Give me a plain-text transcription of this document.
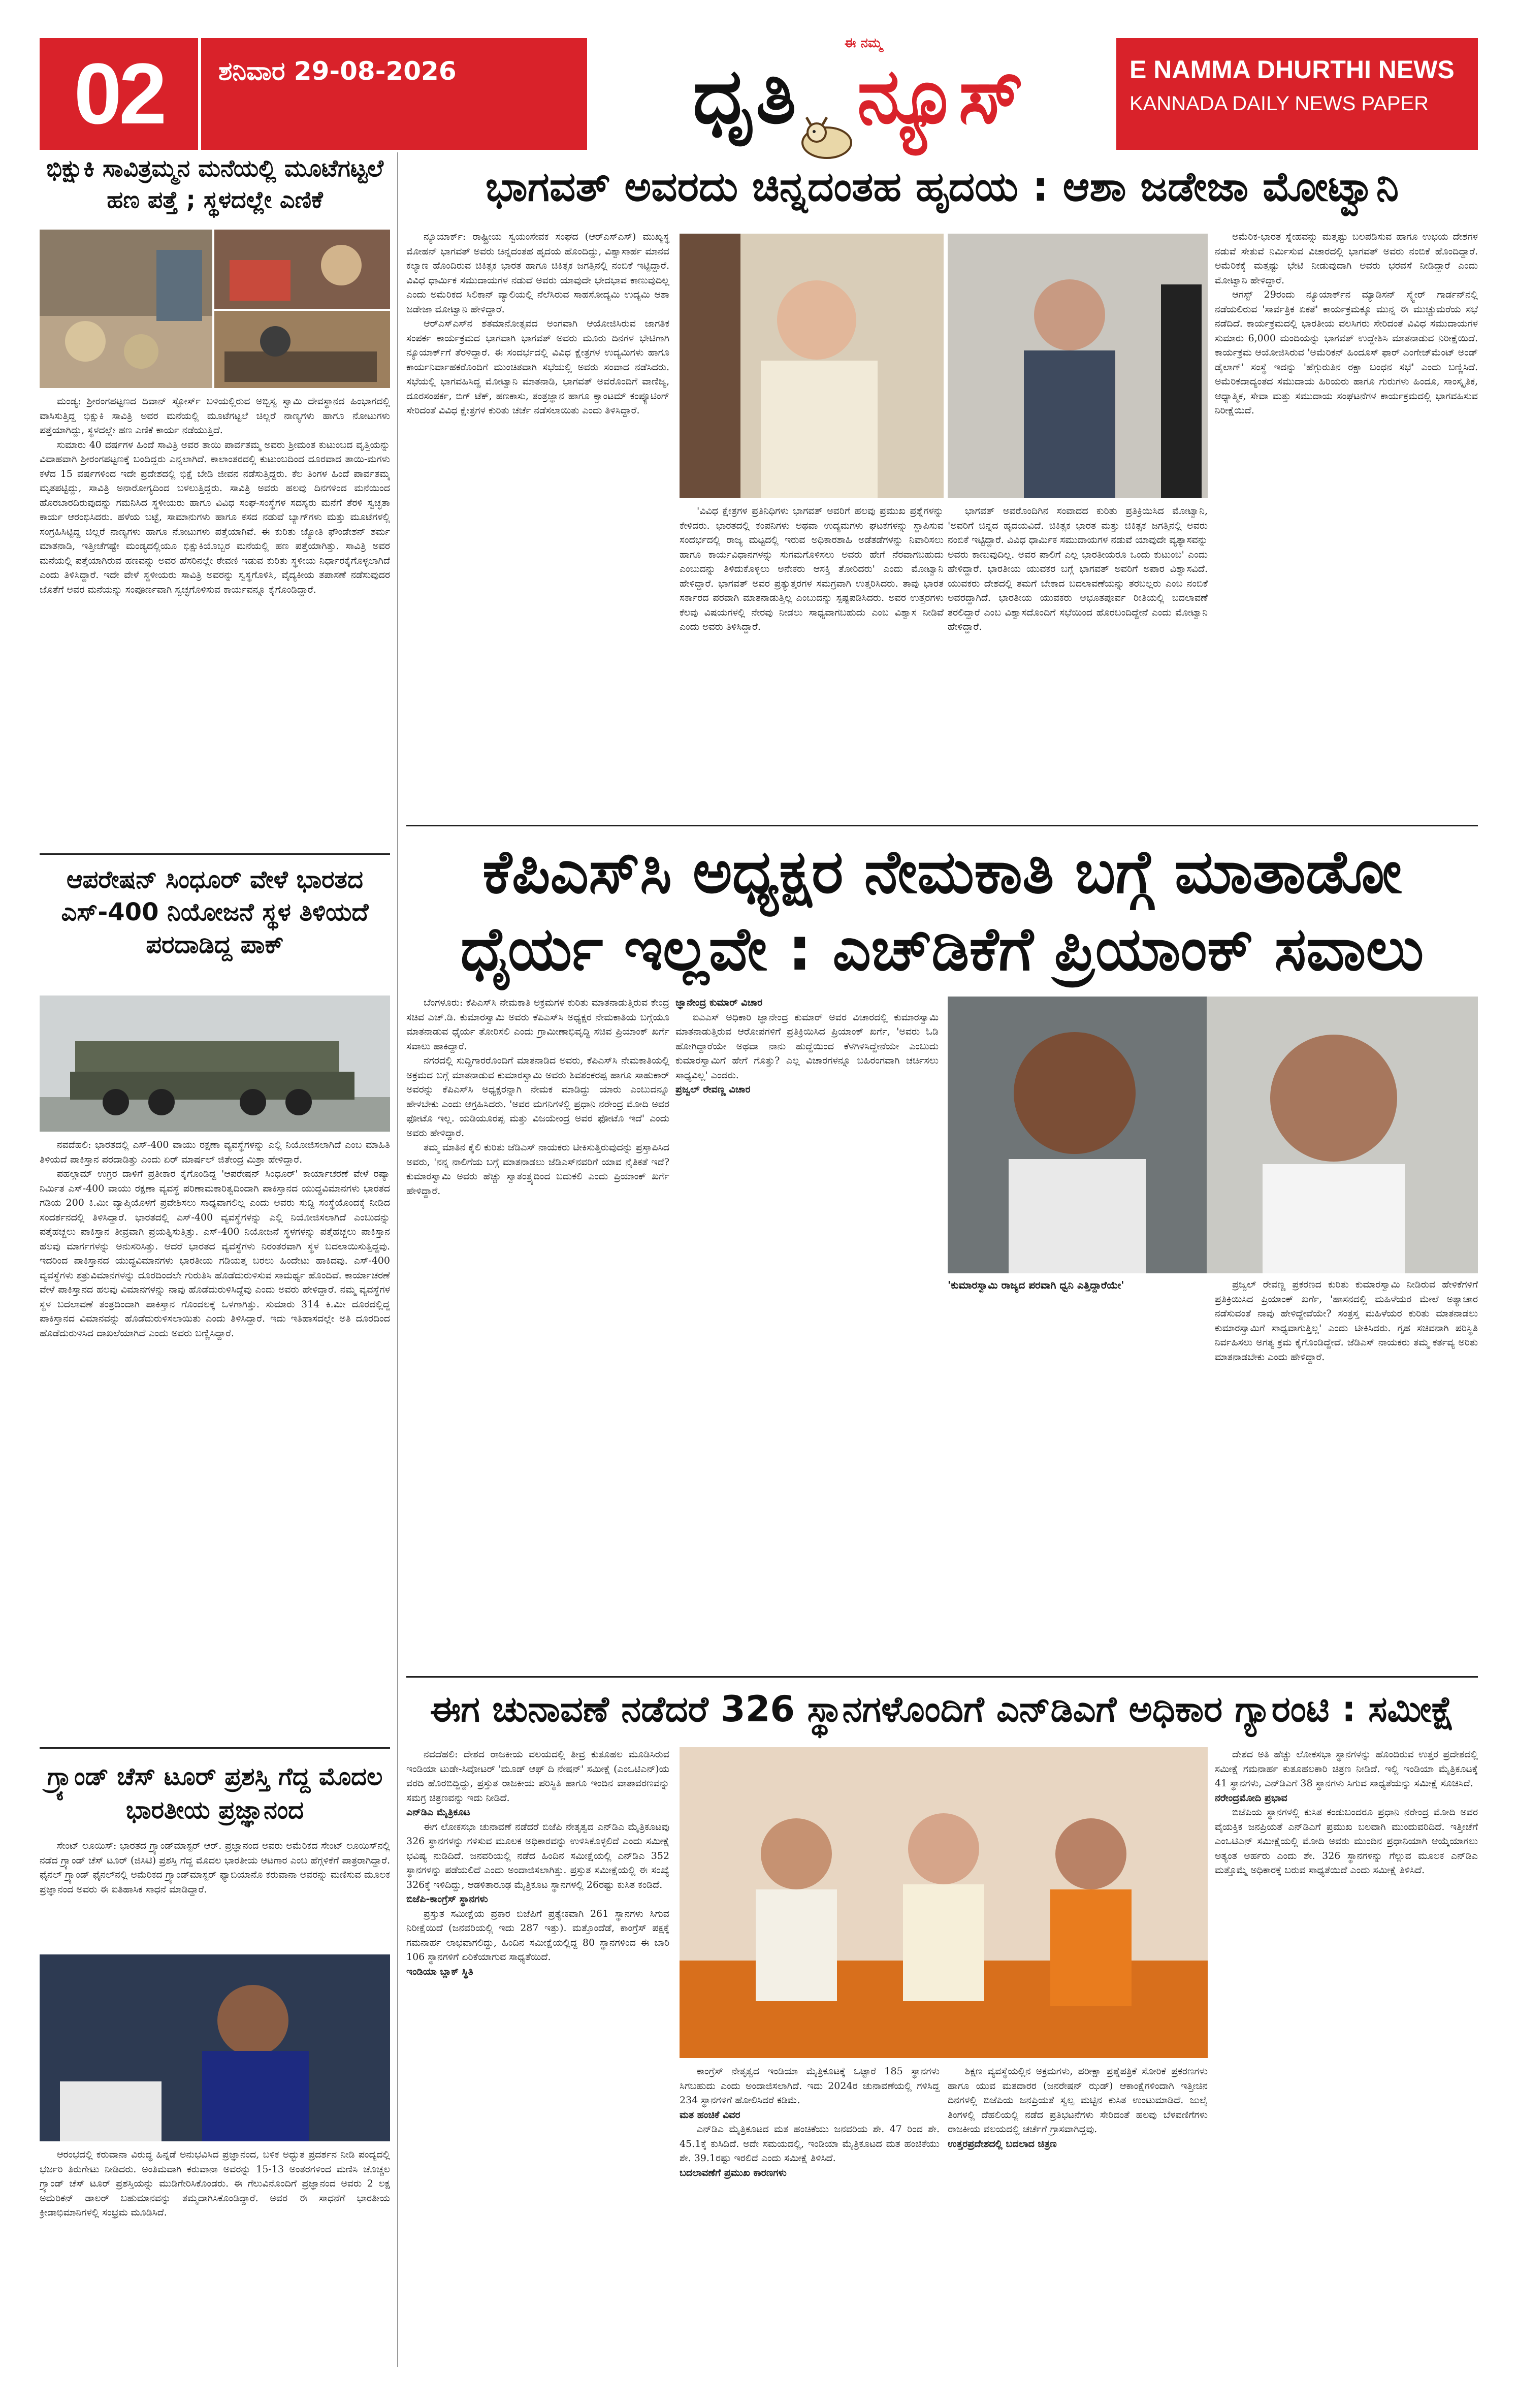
02	ಶನಿವಾರ 29-08-2026
ಈ ನಮ್ಮ
ಧೃತಿ ನ್ಯೂಸ್	E NAMMA DHURTHI NEWS
KANNADA DAILY NEWS PAPER
ಭಿಕ್ಷುಕಿ ಸಾವಿತ್ರಮ್ಮನ ಮನೆಯಲ್ಲಿ ಮೂಟೆಗಟ್ಟಲೆ ಹಣ ಪತ್ತೆ ; ಸ್ಥಳದಲ್ಲೇ ಎಣಿಕೆ

ಮಂಡ್ಯ: ಶ್ರೀರಂಗಪಟ್ಟಣದ ದಿವಾನ್ ಸ್ಟೋರ್ಸ್ ಬಳಿಯಲ್ಲಿರುವ ಅಬ್ಬಿಸ್ವ ಸ್ವಾಮಿ ದೇವಸ್ಥಾನದ ಹಿಂಭಾಗದಲ್ಲಿ ವಾಸಿಸುತ್ತಿದ್ದ ಭಿಕ್ಷುಕಿ ಸಾವಿತ್ರಿ ಅವರ ಮನೆಯಲ್ಲಿ ಮೂಟೆಗಟ್ಟಲೆ ಚಿಲ್ಲರೆ ನಾಣ್ಯಗಳು ಹಾಗೂ ನೋಟುಗಳು ಪತ್ತೆಯಾಗಿದ್ದು, ಸ್ಥಳದಲ್ಲೇ ಹಣ ಎಣಿಕೆ ಕಾರ್ಯ ನಡೆಯುತ್ತಿದೆ.

ಸುಮಾರು 40 ವರ್ಷಗಳ ಹಿಂದೆ ಸಾವಿತ್ರಿ ಅವರ ತಾಯಿ ಪಾರ್ವತಮ್ಮ ಅವರು ಶ್ರೀಮಂತ ಕುಟುಂಬದ ವೃತ್ತಿಯನ್ನು ವಿವಾಹವಾಗಿ ಶ್ರೀರಂಗಪಟ್ಟಣಕ್ಕೆ ಬಂದಿದ್ದರು ಎನ್ನಲಾಗಿದೆ. ಕಾಲಾಂತರದಲ್ಲಿ ಕುಟುಂಬದಿಂದ ದೂರವಾದ ತಾಯಿ-ಮಗಳು ಕಳೆದ 15 ವರ್ಷಗಳಿಂದ ಇದೇ ಪ್ರದೇಶದಲ್ಲಿ ಭಿಕ್ಷೆ ಬೇಡಿ ಜೀವನ ನಡೆಸುತ್ತಿದ್ದರು. ಕೆಲ ತಿಂಗಳ ಹಿಂದೆ ಪಾರ್ವತಮ್ಮ ಮೃತಪಟ್ಟಿದ್ದು, ಸಾವಿತ್ರಿ ಅನಾರೋಗ್ಯದಿಂದ ಬಳಲುತ್ತಿದ್ದರು. ಸಾವಿತ್ರಿ ಅವರು ಹಲವು ದಿನಗಳಿಂದ ಮನೆಯಿಂದ ಹೊರಬಾರದಿರುವುದನ್ನು ಗಮನಿಸಿದ ಸ್ಥಳೀಯರು ಹಾಗೂ ವಿವಿಧ ಸಂಘ-ಸಂಸ್ಥೆಗಳ ಸದಸ್ಯರು ಮನೆಗೆ ತೆರಳಿ ಸ್ವಚ್ಛತಾ ಕಾರ್ಯ ಆರಂಭಿಸಿದರು. ಹಳೆಯ ಬಟ್ಟೆ, ಸಾಮಾನುಗಳು ಹಾಗೂ ಕಸದ ನಡುವೆ ಬ್ಯಾಗ್‌ಗಳು ಮತ್ತು ಮೂಟೆಗಳಲ್ಲಿ ಸಂಗ್ರಹಿಸಿಟ್ಟಿದ್ದ ಚಿಲ್ಲರೆ ನಾಣ್ಯಗಳು ಹಾಗೂ ನೋಟುಗಳು ಪತ್ತೆಯಾಗಿವೆ. ಈ ಕುರಿತು ಜ್ಯೋತಿ ಫೌಂಡೇಶನ್ ಶರ್ಮ ಮಾತನಾಡಿ, ಇತ್ತೀಚೆಗಷ್ಟೇ ಮಂಡ್ಯದಲ್ಲಿಯೂ ಭಿಕ್ಷುಕಿಯೊಬ್ಬರ ಮನೆಯಲ್ಲಿ ಹಣ ಪತ್ತೆಯಾಗಿತ್ತು. ಸಾವಿತ್ರಿ ಅವರ ಮನೆಯಲ್ಲಿ ಪತ್ತೆಯಾಗಿರುವ ಹಣವನ್ನು ಅವರ ಹೆಸರಿನಲ್ಲೇ ಠೇವಣಿ ಇಡುವ ಕುರಿತು ಸ್ಥಳೀಯ ನಿರ್ಧಾರಕೈಗೊಳ್ಳಲಾಗಿದೆ ಎಂದು ತಿಳಿಸಿದ್ದಾರೆ. ಇದೇ ವೇಳೆ ಸ್ಥಳೀಯರು ಸಾವಿತ್ರಿ ಅವರನ್ನು ಸ್ವಸ್ಥಗೊಳಿಸಿ, ವೈದ್ಯಕೀಯ ತಪಾಸಣೆ ನಡೆಸುವುದರ ಜೊತೆಗೆ ಅವರ ಮನೆಯನ್ನು ಸಂಪೂರ್ಣವಾಗಿ ಸ್ವಚ್ಛಗೊಳಿಸುವ ಕಾರ್ಯವನ್ನೂ ಕೈಗೊಂಡಿದ್ದಾರೆ.

ಆಪರೇಷನ್ ಸಿಂಧೂರ್ ವೇಳೆ ಭಾರತದ ಎಸ್-400 ನಿಯೋಜನೆ ಸ್ಥಳ ತಿಳಿಯದೆ ಪರದಾಡಿದ್ದ ಪಾಕ್

ನವದೆಹಲಿ: ಭಾರತದಲ್ಲಿ ಎಸ್-400 ವಾಯು ರಕ್ಷಣಾ ವ್ಯವಸ್ಥೆಗಳನ್ನು ಎಲ್ಲಿ ನಿಯೋಜಿಸಲಾಗಿದೆ ಎಂಬ ಮಾಹಿತಿ ತಿಳಿಯದೆ ಪಾಕಿಸ್ತಾನ ಪರದಾಡಿತ್ತು ಎಂದು ಏರ್ ಮಾರ್ಷಲ್ ಜಿತೇಂದ್ರ ಮಿಶ್ರಾ ಹೇಳಿದ್ದಾರೆ.

ಪಹಲ್ಗಾಮ್ ಉಗ್ರರ ದಾಳಿಗೆ ಪ್ರತೀಕಾರ ಕೈಗೊಂಡಿದ್ದ 'ಆಪರೇಷನ್ ಸಿಂಧೂರ್' ಕಾರ್ಯಾಚರಣೆ ವೇಳೆ ರಷ್ಯಾ ನಿರ್ಮಿತ ಎಸ್-400 ವಾಯು ರಕ್ಷಣಾ ವ್ಯವಸ್ಥೆ ಪರಿಣಾಮಕಾರಿತ್ವದಿಂದಾಗಿ ಪಾಕಿಸ್ತಾನದ ಯುದ್ಧವಿಮಾನಗಳು ಭಾರತದ ಗಡಿಯ 200 ಕಿ.ಮೀ ವ್ಯಾಪ್ತಿಯೊಳಗೆ ಪ್ರವೇಶಿಸಲು ಸಾಧ್ಯವಾಗಲಿಲ್ಲ ಎಂದು ಅವರು ಸುದ್ದಿ ಸಂಸ್ಥೆಯೊಂದಕ್ಕೆ ನೀಡಿದ ಸಂದರ್ಶನದಲ್ಲಿ ತಿಳಿಸಿದ್ದಾರೆ. ಭಾರತದಲ್ಲಿ ಎಸ್-400 ವ್ಯವಸ್ಥೆಗಳನ್ನು ಎಲ್ಲಿ ನಿಯೋಜಿಸಲಾಗಿದೆ ಎಂಬುದನ್ನು ಪತ್ತೆಹಚ್ಚಲು ಪಾಕಿಸ್ತಾನ ತೀವ್ರವಾಗಿ ಪ್ರಯತ್ನಿಸುತ್ತಿತ್ತು. ಎಸ್-400 ನಿಯೋಜನೆ ಸ್ಥಳಗಳನ್ನು ಪತ್ತೆಹಚ್ಚಲು ಪಾಕಿಸ್ತಾನ ಹಲವು ಮಾರ್ಗಗಳನ್ನು ಅನುಸರಿಸಿತ್ತು. ಆದರೆ ಭಾರತದ ವ್ಯವಸ್ಥೆಗಳು ನಿರಂತರವಾಗಿ ಸ್ಥಳ ಬದಲಾಯಿಸುತ್ತಿದ್ದವು. ಇದರಿಂದ ಪಾಕಿಸ್ತಾನದ ಯುದ್ಧವಿಮಾನಗಳು ಭಾರತೀಯ ಗಡಿಯತ್ತ ಬರಲು ಹಿಂದೇಟು ಹಾಕಿದವು. ಎಸ್-400 ವ್ಯವಸ್ಥೆಗಳು ಶತ್ರುವಿಮಾನಗಳನ್ನು ದೂರದಿಂದಲೇ ಗುರುತಿಸಿ ಹೊಡೆದುರುಳಿಸುವ ಸಾಮರ್ಥ್ಯ ಹೊಂದಿವೆ. ಕಾರ್ಯಾಚರಣೆ ವೇಳೆ ಪಾಕಿಸ್ತಾನದ ಹಲವು ವಿಮಾನಗಳನ್ನು ನಾವು ಹೊಡೆದುರುಳಿಸಿದ್ದೆವು ಎಂದು ಅವರು ಹೇಳಿದ್ದಾರೆ. ನಮ್ಮ ವ್ಯವಸ್ಥೆಗಳ ಸ್ಥಳ ಬದಲಾವಣೆ ತಂತ್ರದಿಂದಾಗಿ ಪಾಕಿಸ್ತಾನ ಗೊಂದಲಕ್ಕೆ ಒಳಗಾಗಿತ್ತು. ಸುಮಾರು 314 ಕಿ.ಮೀ ದೂರದಲ್ಲಿದ್ದ ಪಾಕಿಸ್ತಾನದ ವಿಮಾನವನ್ನು ಹೊಡೆದುರುಳಿಸಲಾಯಿತು ಎಂದು ತಿಳಿಸಿದ್ದಾರೆ. ಇದು ಇತಿಹಾಸದಲ್ಲೇ ಅತಿ ದೂರದಿಂದ ಹೊಡೆದುರುಳಿಸಿದ ದಾಖಲೆಯಾಗಿದೆ ಎಂದು ಅವರು ಬಣ್ಣಿಸಿದ್ದಾರೆ.

ಗ್ರ್ಯಾಂಡ್ ಚೆಸ್ ಟೂರ್ ಪ್ರಶಸ್ತಿ ಗೆದ್ದ ಮೊದಲ ಭಾರತೀಯ ಪ್ರಜ್ಞಾನಂದ

ಸೇಂಟ್ ಲೂಯಿಸ್: ಭಾರತದ ಗ್ರ್ಯಾಂಡ್‌ಮಾಸ್ಟರ್ ಆರ್. ಪ್ರಜ್ಞಾನಂದ ಅವರು ಅಮೆರಿಕದ ಸೇಂಟ್ ಲೂಯಿಸ್‌ನಲ್ಲಿ ನಡೆದ ಗ್ರ್ಯಾಂಡ್ ಚೆಸ್ ಟೂರ್ (ಜಿಸಿಟಿ) ಪ್ರಶಸ್ತಿ ಗೆದ್ದ ಮೊದಲ ಭಾರತೀಯ ಆಟಗಾರ ಎಂಬ ಹೆಗ್ಗಳಿಕೆಗೆ ಪಾತ್ರರಾಗಿದ್ದಾರೆ. ಫೈನಲ್ ಗ್ರ್ಯಾಂಡ್ ಫೈನಲ್‌ನಲ್ಲಿ ಅಮೆರಿಕದ ಗ್ರ್ಯಾಂಡ್‌ಮಾಸ್ಟರ್ ಫ್ಯಾಬಿಯಾನೊ ಕರುವಾನಾ ಅವರನ್ನು ಮಣಿಸುವ ಮೂಲಕ ಪ್ರಜ್ಞಾನಂದ ಅವರು ಈ ಐತಿಹಾಸಿಕ ಸಾಧನೆ ಮಾಡಿದ್ದಾರೆ.

ಆರಂಭದಲ್ಲಿ ಕರುವಾನಾ ವಿರುದ್ಧ ಹಿನ್ನಡೆ ಅನುಭವಿಸಿದ ಪ್ರಜ್ಞಾನಂದ, ಬಳಿಕ ಅದ್ಭುತ ಪ್ರದರ್ಶನ ನೀಡಿ ಪಂದ್ಯದಲ್ಲಿ ಭರ್ಜರಿ ತಿರುಗೇಟು ನೀಡಿದರು. ಅಂತಿಮವಾಗಿ ಕರುವಾನಾ ಅವರನ್ನು 15-13 ಅಂತರಗಳಿಂದ ಮಣಿಸಿ ಚೊಚ್ಚಲ ಗ್ರ್ಯಾಂಡ್ ಚೆಸ್ ಟೂರ್ ಪ್ರಶಸ್ತಿಯನ್ನು ಮುಡಿಗೇರಿಸಿಕೊಂಡರು. ಈ ಗೆಲುವಿನೊಂದಿಗೆ ಪ್ರಜ್ಞಾನಂದ ಅವರು 2 ಲಕ್ಷ ಅಮೆರಿಕನ್ ಡಾಲರ್ ಬಹುಮಾನವನ್ನು ತಮ್ಮದಾಗಿಸಿಕೊಂಡಿದ್ದಾರೆ. ಅವರ ಈ ಸಾಧನೆಗೆ ಭಾರತೀಯ ಕ್ರೀಡಾಭಿಮಾನಿಗಳಲ್ಲಿ ಸಂಭ್ರಮ ಮೂಡಿಸಿದೆ.

ಭಾಗವತ್ ಅವರದು ಚಿನ್ನದಂತಹ ಹೃದಯ : ಆಶಾ ಜಡೇಜಾ ಮೋಟ್ವಾನಿ

ನ್ಯೂಯಾರ್ಕ್: ರಾಷ್ಟ್ರೀಯ ಸ್ವಯಂಸೇವಕ ಸಂಘದ (ಆರ್‌ಎಸ್‌ಎಸ್) ಮುಖ್ಯಸ್ಥ ಮೋಹನ್ ಭಾಗವತ್ ಅವರು ಚಿನ್ನದಂತಹ ಹೃದಯ ಹೊಂದಿದ್ದು, ವಿಶ್ವಾಸಾರ್ಹ ಮಾನವ ಕಲ್ಯಾಣ ಹೊಂದಿರುವ ಚಿಕಿತ್ಸಕ ಭಾರತ ಹಾಗೂ ಚಿಕಿತ್ಸಕ ಜಗತ್ತಿನಲ್ಲಿ ನಂಬಿಕೆ ಇಟ್ಟಿದ್ದಾರೆ. ವಿವಿಧ ಧಾರ್ಮಿಕ ಸಮುದಾಯಗಳ ನಡುವೆ ಅವರು ಯಾವುದೇ ಭೇದಭಾವ ಕಾಣುವುದಿಲ್ಲ ಎಂದು ಅಮೆರಿಕದ ಸಿಲಿಕಾನ್ ವ್ಯಾಲಿಯಲ್ಲಿ ನೆಲೆಸಿರುವ ಸಾಹಸೋದ್ಯಮಿ ಉದ್ಯಮಿ ಆಶಾ ಜಡೇಜಾ ಮೋಟ್ವಾನಿ ಹೇಳಿದ್ದಾರೆ.

ಆರ್‌ಎಸ್‌ಎಸ್‌ನ ಶತಮಾನೋತ್ಸವದ ಅಂಗವಾಗಿ ಆಯೋಜಿಸಿರುವ ಜಾಗತಿಕ ಸಂಪರ್ಕ ಕಾರ್ಯಕ್ರಮದ ಭಾಗವಾಗಿ ಭಾಗವತ್ ಅವರು ಮೂರು ದಿನಗಳ ಭೇಟಿಗಾಗಿ ನ್ಯೂಯಾರ್ಕ್‌ಗೆ ತೆರಳಿದ್ದಾರೆ. ಈ ಸಂದರ್ಭದಲ್ಲಿ ವಿವಿಧ ಕ್ಷೇತ್ರಗಳ ಉದ್ಯಮಿಗಳು ಹಾಗೂ ಕಾರ್ಯನಿರ್ವಾಹಕರೊಂದಿಗೆ ಮುಂಚಿತವಾಗಿ ಸಭೆಯಲ್ಲಿ ಅವರು ಸಂವಾದ ನಡೆಸಿದರು. ಸಭೆಯಲ್ಲಿ ಭಾಗವಹಿಸಿದ್ದ ಮೋಟ್ವಾನಿ ಮಾತನಾಡಿ, ಭಾಗವತ್ ಅವರೊಂದಿಗೆ ವಾಣಿಜ್ಯ, ದೂರಸಂಪರ್ಕ, ಬಿಗ್ ಟೆಕ್, ಹಣಕಾಸು, ತಂತ್ರಜ್ಞಾನ ಹಾಗೂ ಕ್ವಾಂಟಮ್ ಕಂಪ್ಯೂಟಿಂಗ್ ಸೇರಿದಂತೆ ವಿವಿಧ ಕ್ಷೇತ್ರಗಳ ಕುರಿತು ಚರ್ಚೆ ನಡೆಸಲಾಯಿತು ಎಂದು ತಿಳಿಸಿದ್ದಾರೆ.

'ವಿವಿಧ ಕ್ಷೇತ್ರಗಳ ಪ್ರತಿನಿಧಿಗಳು ಭಾಗವತ್ ಅವರಿಗೆ ಹಲವು ಪ್ರಮುಖ ಪ್ರಶ್ನೆಗಳನ್ನು ಕೇಳಿದರು. ಭಾರತದಲ್ಲಿ ಕಂಪನಿಗಳು ಅಥವಾ ಉದ್ಯಮಗಳು ಘಟಕಗಳನ್ನು ಸ್ಥಾಪಿಸುವ ಸಂದರ್ಭದಲ್ಲಿ ರಾಜ್ಯ ಮಟ್ಟದಲ್ಲಿ ಇರುವ ಅಧಿಕಾರಶಾಹಿ ಅಡೆತಡೆಗಳನ್ನು ನಿವಾರಿಸಲು ಹಾಗೂ ಕಾರ್ಯವಿಧಾನಗಳನ್ನು ಸುಗಮಗೊಳಿಸಲು ಅವರು ಹೇಗೆ ನೆರವಾಗಬಹುದು ಎಂಬುದನ್ನು ತಿಳಿದುಕೊಳ್ಳಲು ಅನೇಕರು ಆಸಕ್ತಿ ತೋರಿದರು' ಎಂದು ಮೋಟ್ವಾನಿ ಹೇಳಿದ್ದಾರೆ. ಭಾಗವತ್ ಅವರ ಪ್ರತ್ಯುತ್ತರಗಳ ಸಮಗ್ರವಾಗಿ ಉತ್ತರಿಸಿದರು. ತಾವು ಭಾರತ ಸರ್ಕಾರದ ಪರವಾಗಿ ಮಾತನಾಡುತ್ತಿಲ್ಲ ಎಂಬುದನ್ನು ಸ್ಪಷ್ಟಪಡಿಸಿದರು. ಅವರ ಉತ್ತರಗಳು ಕೆಲವು ವಿಷಯಗಳಲ್ಲಿ ನೇರವು ನೀಡಲು ಸಾಧ್ಯವಾಗಬಹುದು ಎಂಬ ವಿಶ್ವಾಸ ನೀಡಿವೆ ಎಂದು ಅವರು ತಿಳಿಸಿದ್ದಾರೆ.

ಭಾಗವತ್ ಅವರೊಂದಿಗಿನ ಸಂವಾದದ ಕುರಿತು ಪ್ರತಿಕ್ರಿಯಿಸಿದ ಮೋಟ್ವಾನಿ, 'ಅವರಿಗೆ ಚಿನ್ನದ ಹೃದಯವಿದೆ. ಚಿಕಿತ್ಸಕ ಭಾರತ ಮತ್ತು ಚಿಕಿತ್ಸಕ ಜಗತ್ತಿನಲ್ಲಿ ಅವರು ನಂಬಿಕೆ ಇಟ್ಟಿದ್ದಾರೆ. ವಿವಿಧ ಧಾರ್ಮಿಕ ಸಮುದಾಯಗಳ ನಡುವೆ ಯಾವುದೇ ವ್ಯತ್ಯಾಸವನ್ನು ಅವರು ಕಾಣುವುದಿಲ್ಲ. ಅವರ ಪಾಲಿಗೆ ಎಲ್ಲ ಭಾರತೀಯರೂ ಒಂದು ಕುಟುಂಬ' ಎಂದು ಹೇಳಿದ್ದಾರೆ. ಭಾರತೀಯ ಯುವಕರ ಬಗ್ಗೆ ಭಾಗವತ್ ಅವರಿಗೆ ಅಪಾರ ವಿಶ್ವಾಸವಿದೆ. ಯುವಕರು ದೇಶದಲ್ಲಿ ತಮಗೆ ಬೇಕಾದ ಬದಲಾವಣೆಯನ್ನು ತರಬಲ್ಲರು ಎಂಬ ನಂಬಿಕೆ ಅವರದ್ದಾಗಿದೆ. ಭಾರತೀಯ ಯುವಕರು ಅಭೂತಪೂರ್ವ ರೀತಿಯಲ್ಲಿ ಬದಲಾವಣೆ ತರಲಿದ್ದಾರೆ ಎಂಬ ವಿಶ್ವಾಸದೊಂದಿಗೆ ಸಭೆಯಿಂದ ಹೊರಬಂದಿದ್ದೇನೆ ಎಂದು ಮೋಟ್ವಾನಿ ಹೇಳಿದ್ದಾರೆ.

ಅಮೆರಿಕ-ಭಾರತ ಸ್ನೇಹವನ್ನು ಮತ್ತಷ್ಟು ಬಲಪಡಿಸುವ ಹಾಗೂ ಉಭಯ ದೇಶಗಳ ನಡುವೆ ಸೇತುವೆ ನಿರ್ಮಿಸುವ ವಿಚಾರದಲ್ಲಿ ಭಾಗವತ್ ಅವರು ನಂಬಿಕೆ ಹೊಂದಿದ್ದಾರೆ. ಅಮೆರಿಕಕ್ಕೆ ಮತ್ತಷ್ಟು ಭೇಟಿ ನೀಡುವುದಾಗಿ ಅವರು ಭರವಸೆ ನೀಡಿದ್ದಾರೆ ಎಂದು ಮೋಟ್ವಾನಿ ಹೇಳಿದ್ದಾರೆ.

ಆಗಸ್ಟ್ 29ರಂದು ನ್ಯೂಯಾರ್ಕ್‌ನ ಮ್ಯಾಡಿಸನ್ ಸ್ಕ್ವೇರ್ ಗಾರ್ಡನ್‌ನಲ್ಲಿ ನಡೆಯಲಿರುವ 'ಸಾರ್ವತ್ರಿಕ ಏಕತೆ' ಕಾರ್ಯಕ್ರಮಕ್ಕೂ ಮುನ್ನ ಈ ಮುಚ್ಚುಮರೆಯ ಸಭೆ ನಡೆದಿದೆ. ಕಾರ್ಯಕ್ರಮದಲ್ಲಿ ಭಾರತೀಯ ವಲಸಿಗರು ಸೇರಿದಂತೆ ವಿವಿಧ ಸಮುದಾಯಗಳ ಸುಮಾರು 6,000 ಮಂದಿಯನ್ನು ಭಾಗವತ್ ಉದ್ದೇಶಿಸಿ ಮಾತನಾಡುವ ನಿರೀಕ್ಷೆಯಿದೆ. ಕಾರ್ಯಕ್ರಮ ಆಯೋಜಿಸಿರುವ 'ಅಮೆರಿಕನ್ ಹಿಂದೂಸ್ ಫಾರ್ ಎಂಗೇಜ್‌ಮೆಂಟ್ ಅಂಡ್ ಡೈಲಾಗ್' ಸಂಸ್ಥೆ ಇದನ್ನು 'ಹೆಗ್ಗುರುತಿನ ರಕ್ಷಾ ಬಂಧನ ಸಭೆ' ಎಂದು ಬಣ್ಣಿಸಿದೆ. ಅಮೆರಿಕದಾದ್ಯಂತದ ಸಮುದಾಯ ಹಿರಿಯರು ಹಾಗೂ ಗುರುಗಳು ಹಿಂದೂ, ಸಾಂಸ್ಕೃತಿಕ, ಆಧ್ಯಾತ್ಮಿಕ, ಸೇವಾ ಮತ್ತು ಸಮುದಾಯ ಸಂಘಟನೆಗಳ ಕಾರ್ಯಕ್ರಮದಲ್ಲಿ ಭಾಗವಹಿಸುವ ನಿರೀಕ್ಷೆಯಿದೆ.

ಕೆಪಿಎಸ್‌ಸಿ ಅಧ್ಯಕ್ಷರ ನೇಮಕಾತಿ ಬಗ್ಗೆ ಮಾತಾಡೋ
ಧೈರ್ಯ ಇಲ್ಲವೇ : ಎಚ್‌ಡಿಕೆಗೆ ಪ್ರಿಯಾಂಕ್ ಸವಾಲು

ಬೆಂಗಳೂರು: ಕೆಪಿಎಸ್‌ಸಿ ನೇಮಕಾತಿ ಅಕ್ರಮಗಳ ಕುರಿತು ಮಾತನಾಡುತ್ತಿರುವ ಕೇಂದ್ರ ಸಚಿವ ಎಚ್.ಡಿ. ಕುಮಾರಸ್ವಾಮಿ ಅವರು ಕೆಪಿಎಸ್‌ಸಿ ಅಧ್ಯಕ್ಷರ ನೇಮಕಾತಿಯ ಬಗ್ಗೆಯೂ ಮಾತನಾಡುವ ಧೈರ್ಯ ತೋರಿಸಲಿ ಎಂದು ಗ್ರಾಮೀಣಾಭಿವೃದ್ಧಿ ಸಚಿವ ಪ್ರಿಯಾಂಕ್ ಖರ್ಗೆ ಸವಾಲು ಹಾಕಿದ್ದಾರೆ.

ನಗರದಲ್ಲಿ ಸುದ್ದಿಗಾರರೊಂದಿಗೆ ಮಾತನಾಡಿದ ಅವರು, ಕೆಪಿಎಸ್‌ಸಿ ನೇಮಕಾತಿಯಲ್ಲಿ ಅಕ್ರಮದ ಬಗ್ಗೆ ಮಾತನಾಡುವ ಕುಮಾರಸ್ವಾಮಿ ಅವರು ಶಿವಶಂಕರಪ್ಪ ಹಾಗೂ ಸಾಹುಕಾರ್ ಅವರನ್ನು ಕೆಪಿಎಸ್‌ಸಿ ಅಧ್ಯಕ್ಷರನ್ನಾಗಿ ನೇಮಕ ಮಾಡಿದ್ದು ಯಾರು ಎಂಬುದನ್ನೂ ಹೇಳಬೇಕು ಎಂದು ಆಗ್ರಹಿಸಿದರು. 'ಅವರ ಮಗನಿಗಳಲ್ಲಿ ಪ್ರಧಾನಿ ನರೇಂದ್ರ ಮೋದಿ ಅವರ ಫೋಟೊ ಇಲ್ಲ. ಯಡಿಯೂರಪ್ಪ ಮತ್ತು ವಿಜಯೇಂದ್ರ ಅವರ ಫೋಟೊ ಇದೆ' ಎಂದು ಅವರು ಹೇಳಿದ್ದಾರೆ.

ತಮ್ಮ ಮಾತಿನ ಕೈಲಿ ಕುರಿತು ಜೆಡಿಎಸ್ ನಾಯಕರು ಟೀಕಿಸುತ್ತಿರುವುದನ್ನು ಪ್ರಸ್ತಾಪಿಸಿದ ಅವರು, 'ನನ್ನ ನಾಲಿಗೆಯ ಬಗ್ಗೆ ಮಾತನಾಡಲು ಜೆಡಿಎಸ್‌ನವರಿಗೆ ಯಾವ ನೈತಿಕತೆ ಇದೆ? ಕುಮಾರಸ್ವಾಮಿ ಅವರು ಹೆಚ್ಚು ಸ್ವಾತಂತ್ರ್ಯದಿಂದ ಬದುಕಲಿ ಎಂದು ಪ್ರಿಯಾಂಕ್ ಖರ್ಗೆ ಹೇಳಿದ್ದಾರೆ.

ಜ್ಞಾನೇಂದ್ರ ಕುಮಾರ್ ವಿಚಾರ

ಐಎಎಸ್ ಅಧಿಕಾರಿ ಜ್ಞಾನೇಂದ್ರ ಕುಮಾರ್ ಅವರ ವಿಚಾರದಲ್ಲಿ ಕುಮಾರಸ್ವಾಮಿ ಮಾತನಾಡುತ್ತಿರುವ ಆರೋಪಗಳಿಗೆ ಪ್ರತಿಕ್ರಿಯಿಸಿದ ಪ್ರಿಯಾಂಕ್ ಖರ್ಗೆ, 'ಅವರು ಓಡಿ ಹೋಗಿದ್ದಾರೆಯೇ ಅಥವಾ ನಾನು ಹುದ್ದೆಯಿಂದ ಕೆಳಗಿಳಿಸಿದ್ದೇನೆಯೇ ಎಂಬುದು ಕುಮಾರಸ್ವಾಮಿಗೆ ಹೇಗೆ ಗೊತ್ತು? ಎಲ್ಲ ವಿಚಾರಗಳನ್ನೂ ಬಹಿರಂಗವಾಗಿ ಚರ್ಚಿಸಲು ಸಾಧ್ಯವಿಲ್ಲ' ಎಂದರು.

ಪ್ರಜ್ವಲ್ ರೇವಣ್ಣ ವಿಚಾರ

'ಕುಮಾರಸ್ವಾಮಿ ರಾಜ್ಯದ ಪರವಾಗಿ ಧ್ವನಿ ಎತ್ತಿದ್ದಾರೆಯೇ'	ಪ್ರಜ್ವಲ್ ರೇವಣ್ಣ ಪ್ರಕರಣದ ಕುರಿತು ಕುಮಾರಸ್ವಾಮಿ ನೀಡಿರುವ ಹೇಳಿಕೆಗಳಿಗೆ ಪ್ರತಿಕ್ರಿಯಿಸಿದ ಪ್ರಿಯಾಂಕ್ ಖರ್ಗೆ, 'ಹಾಸನದಲ್ಲಿ ಮಹಿಳೆಯರ ಮೇಲೆ ಅತ್ಯಾಚಾರ ನಡೆಸುವಂತೆ ನಾವು ಹೇಳಿದ್ದೇವೆಯೇ? ಸಂತ್ರಸ್ತ ಮಹಿಳೆಯರ ಕುರಿತು ಮಾತನಾಡಲು ಕುಮಾರಸ್ವಾಮಿಗೆ ಸಾಧ್ಯವಾಗುತ್ತಿಲ್ಲ' ಎಂದು ಟೀಕಿಸಿದರು. ಗೃಹ ಸಚಿವನಾಗಿ ಪರಿಸ್ಥಿತಿ ನಿರ್ವಹಿಸಲು ಅಗತ್ಯ ಕ್ರಮ ಕೈಗೊಂಡಿದ್ದೇವೆ. ಜೆಡಿಎಸ್ ನಾಯಕರು ತಮ್ಮ ಕರ್ತವ್ಯ ಅರಿತು ಮಾತನಾಡಬೇಕು ಎಂದು ಹೇಳಿದ್ದಾರೆ.

ಈಗ ಚುನಾವಣೆ ನಡೆದರೆ 326 ಸ್ಥಾನಗಳೊಂದಿಗೆ ಎನ್‌ಡಿಎಗೆ ಅಧಿಕಾರ ಗ್ಯಾರಂಟಿ : ಸಮೀಕ್ಷೆ

ನವದೆಹಲಿ: ದೇಶದ ರಾಜಕೀಯ ವಲಯದಲ್ಲಿ ತೀವ್ರ ಕುತೂಹಲ ಮೂಡಿಸಿರುವ ಇಂಡಿಯಾ ಟುಡೇ-ಸಿವೋಟರ್ 'ಮೂಡ್ ಆಫ್ ದಿ ನೇಷನ್' ಸಮೀಕ್ಷೆ (ಎಂಒಟಿಎನ್)ಯ ವರದಿ ಹೊರಬಿದ್ದಿದ್ದು, ಪ್ರಸ್ತುತ ರಾಜಕೀಯ ಪರಿಸ್ಥಿತಿ ಹಾಗೂ ಇಂದಿನ ವಾತಾವರಣವನ್ನು ಸಮಗ್ರ ಚಿತ್ರಣವನ್ನು ಇದು ನೀಡಿದೆ.

ಎನ್‌ಡಿಎ ಮೈತ್ರಿಕೂಟ

ಈಗ ಲೋಕಸಭಾ ಚುನಾವಣೆ ನಡೆದರೆ ಬಿಜೆಪಿ ನೇತೃತ್ವದ ಎನ್‌ಡಿಎ ಮೈತ್ರಿಕೂಟವು 326 ಸ್ಥಾನಗಳನ್ನು ಗಳಿಸುವ ಮೂಲಕ ಅಧಿಕಾರವನ್ನು ಉಳಿಸಿಕೊಳ್ಳಲಿದೆ ಎಂದು ಸಮೀಕ್ಷೆ ಭವಿಷ್ಯ ನುಡಿದಿದೆ. ಜನವರಿಯಲ್ಲಿ ನಡೆದ ಹಿಂದಿನ ಸಮೀಕ್ಷೆಯಲ್ಲಿ ಎನ್‌ಡಿಎ 352 ಸ್ಥಾನಗಳನ್ನು ಪಡೆಯಲಿದೆ ಎಂದು ಅಂದಾಜಿಸಲಾಗಿತ್ತು. ಪ್ರಸ್ತುತ ಸಮೀಕ್ಷೆಯಲ್ಲಿ ಈ ಸಂಖ್ಯೆ 326ಕ್ಕೆ ಇಳಿದಿದ್ದು, ಆಡಳಿತಾರೂಢ ಮೈತ್ರಿಕೂಟ ಸ್ಥಾನಗಳಲ್ಲಿ 26ರಷ್ಟು ಕುಸಿತ ಕಂಡಿದೆ.

ಬಿಜೆಪಿ-ಕಾಂಗ್ರೆಸ್ ಸ್ಥಾನಗಳು

ಪ್ರಸ್ತುತ ಸಮೀಕ್ಷೆಯ ಪ್ರಕಾರ ಬಿಜೆಪಿಗೆ ಪ್ರತ್ಯೇಕವಾಗಿ 261 ಸ್ಥಾನಗಳು ಸಿಗುವ ನಿರೀಕ್ಷೆಯಿದೆ (ಜನವರಿಯಲ್ಲಿ ಇದು 287 ಇತ್ತು). ಮತ್ತೊಂದೆಡೆ, ಕಾಂಗ್ರೆಸ್ ಪಕ್ಷಕ್ಕೆ ಗಮನಾರ್ಹ ಲಾಭವಾಗಲಿದ್ದು, ಹಿಂದಿನ ಸಮೀಕ್ಷೆಯಲ್ಲಿದ್ದ 80 ಸ್ಥಾನಗಳಿಂದ ಈ ಬಾರಿ 106 ಸ್ಥಾನಗಳಿಗೆ ಏರಿಕೆಯಾಗುವ ಸಾಧ್ಯತೆಯಿದೆ.

ಇಂಡಿಯಾ ಬ್ಲಾಕ್ ಸ್ಥಿತಿ

ಕಾಂಗ್ರೆಸ್ ನೇತೃತ್ವದ ಇಂಡಿಯಾ ಮೈತ್ರಿಕೂಟಕ್ಕೆ ಒಟ್ಟಾರೆ 185 ಸ್ಥಾನಗಳು ಸಿಗಬಹುದು ಎಂದು ಅಂದಾಜಿಸಲಾಗಿದೆ. ಇದು 2024ರ ಚುನಾವಣೆಯಲ್ಲಿ ಗಳಿಸಿದ್ದ 234 ಸ್ಥಾನಗಳಿಗೆ ಹೋಲಿಸಿದರೆ ಕಡಿಮೆ.

ಮತ ಹಂಚಿಕೆ ವಿವರ

ಎನ್‌ಡಿಎ ಮೈತ್ರಿಕೂಟದ ಮತ ಹಂಚಿಕೆಯು ಜನವರಿಯ ಶೇ. 47 ರಿಂದ ಶೇ. 45.1ಕ್ಕೆ ಕುಸಿದಿದೆ. ಅದೇ ಸಮಯದಲ್ಲಿ, ಇಂಡಿಯಾ ಮೈತ್ರಿಕೂಟದ ಮತ ಹಂಚಿಕೆಯು ಶೇ. 39.1ರಷ್ಟು ಇರಲಿದೆ ಎಂದು ಸಮೀಕ್ಷೆ ತಿಳಿಸಿದೆ.

ಬದಲಾವಣೆಗೆ ಪ್ರಮುಖ ಕಾರಣಗಳು

ಶಿಕ್ಷಣ ವ್ಯವಸ್ಥೆಯಲ್ಲಿನ ಅಕ್ರಮಗಳು, ಪರೀಕ್ಷಾ ಪ್ರಶ್ನೆಪತ್ರಿಕೆ ಸೋರಿಕೆ ಪ್ರಕರಣಗಳು ಹಾಗೂ ಯುವ ಮತದಾರರ (ಜನರೇಷನ್ ಝಡ್) ಆಕಾಂಕ್ಷೆಗಳಿಂದಾಗಿ ಇತ್ತೀಚಿನ ದಿನಗಳಲ್ಲಿ ಬಿಜೆಪಿಯ ಜನಪ್ರಿಯತೆ ಸ್ವಲ್ಪ ಮಟ್ಟಿನ ಕುಸಿತ ಉಂಟುಮಾಡಿದೆ. ಜುಲೈ ತಿಂಗಳಲ್ಲಿ ದೆಹಲಿಯಲ್ಲಿ ನಡೆದ ಪ್ರತಿಭಟನೆಗಳು ಸೇರಿದಂತೆ ಹಲವು ಬೆಳವಣಿಗೆಗಳು ರಾಜಕೀಯ ವಲಯದಲ್ಲಿ ಚರ್ಚೆಗೆ ಗ್ರಾಸವಾಗಿದ್ದವು.

ಉತ್ತರಪ್ರದೇಶದಲ್ಲಿ ಬದಲಾದ ಚಿತ್ರಣ

ದೇಶದ ಅತಿ ಹೆಚ್ಚು ಲೋಕಸಭಾ ಸ್ಥಾನಗಳನ್ನು ಹೊಂದಿರುವ ಉತ್ತರ ಪ್ರದೇಶದಲ್ಲಿ ಸಮೀಕ್ಷೆ ಗಮನಾರ್ಹ ಕುತೂಹಲಕಾರಿ ಚಿತ್ರಣ ನೀಡಿದೆ. ಇಲ್ಲಿ ಇಂಡಿಯಾ ಮೈತ್ರಿಕೂಟಕ್ಕೆ 41 ಸ್ಥಾನಗಳು, ಎನ್‌ಡಿಎಗೆ 38 ಸ್ಥಾನಗಳು ಸಿಗುವ ಸಾಧ್ಯತೆಯನ್ನು ಸಮೀಕ್ಷೆ ಸೂಚಿಸಿದೆ.

ನರೇಂದ್ರಮೋದಿ ಪ್ರಭಾವ

ಬಿಜೆಪಿಯ ಸ್ಥಾನಗಳಲ್ಲಿ ಕುಸಿತ ಕಂಡುಬಂದರೂ ಪ್ರಧಾನಿ ನರೇಂದ್ರ ಮೋದಿ ಅವರ ವೈಯಕ್ತಿಕ ಜನಪ್ರಿಯತೆ ಎನ್‌ಡಿಎಗೆ ಪ್ರಮುಖ ಬಲವಾಗಿ ಮುಂದುವರಿದಿದೆ. ಇತ್ತೀಚೆಗೆ ಎಂಒಟಿಎನ್ ಸಮೀಕ್ಷೆಯಲ್ಲಿ ಮೋದಿ ಅವರು ಮುಂದಿನ ಪ್ರಧಾನಿಯಾಗಿ ಆಯ್ಕೆಯಾಗಲು ಅತ್ಯಂತ ಅರ್ಹರು ಎಂದು ಶೇ. 326 ಸ್ಥಾನಗಳನ್ನು ಗೆಲ್ಲುವ ಮೂಲಕ ಎನ್‌ಡಿಎ ಮತ್ತೊಮ್ಮೆ ಅಧಿಕಾರಕ್ಕೆ ಬರುವ ಸಾಧ್ಯತೆಯಿದೆ ಎಂದು ಸಮೀಕ್ಷೆ ತಿಳಿಸಿದೆ.
